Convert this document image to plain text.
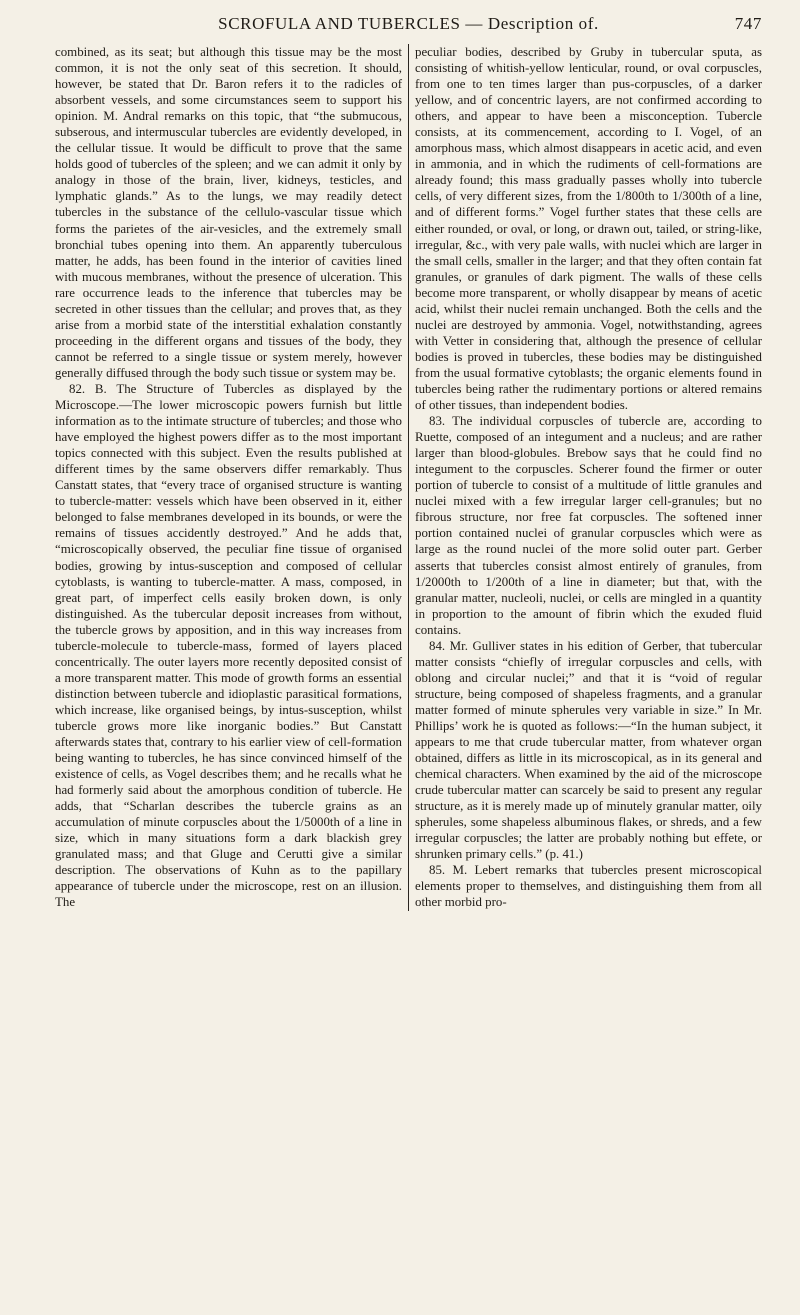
SCROFULA AND TUBERCLES — Description of.	747

combined, as its seat; but although this tissue may be the most common, it is not the only seat of this secretion. It should, however, be stated that Dr. Baron refers it to the radicles of absorbent vessels, and some circumstances seem to support his opinion. M. Andral remarks on this topic, that “the submucous, subserous, and intermuscular tubercles are evidently developed, in the cellular tissue. It would be difficult to prove that the same holds good of tubercles of the spleen; and we can admit it only by analogy in those of the brain, liver, kidneys, testicles, and lymphatic glands.” As to the lungs, we may readily detect tubercles in the substance of the cellulo-vascular tissue which forms the parietes of the air-vesicles, and the extremely small bronchial tubes opening into them. An apparently tuberculous matter, he adds, has been found in the interior of cavities lined with mucous membranes, without the presence of ulceration. This rare occurrence leads to the inference that tubercles may be secreted in other tissues than the cellular; and proves that, as they arise from a morbid state of the interstitial exhalation constantly proceeding in the different organs and tissues of the body, they cannot be referred to a single tissue or system merely, however generally diffused through the body such tissue or system may be.

82. B. The Structure of Tubercles as displayed by the Microscope.—The lower microscopic powers furnish but little information as to the intimate structure of tubercles; and those who have employed the highest powers differ as to the most important topics connected with this subject. Even the results published at different times by the same observers differ remarkably. Thus Canstatt states, that “every trace of organised structure is wanting to tubercle-matter: vessels which have been observed in it, either belonged to false membranes developed in its bounds, or were the remains of tissues accidently destroyed.” And he adds that, “microscopically observed, the peculiar fine tissue of organised bodies, growing by intus-susception and composed of cellular cytoblasts, is wanting to tubercle-matter. A mass, composed, in great part, of imperfect cells easily broken down, is only distinguished. As the tubercular deposit increases from without, the tubercle grows by apposition, and in this way increases from tubercle-molecule to tubercle-mass, formed of layers placed concentrically. The outer layers more recently deposited consist of a more transparent matter. This mode of growth forms an essential distinction between tubercle and idioplastic parasitical formations, which increase, like organised beings, by intus-susception, whilst tubercle grows more like inorganic bodies.” But Canstatt afterwards states that, contrary to his earlier view of cell-formation being wanting to tubercles, he has since convinced himself of the existence of cells, as Vogel describes them; and he recalls what he had formerly said about the amorphous condition of tubercle. He adds, that “Scharlan describes the tubercle grains as an accumulation of minute corpuscles about the 1/5000th of a line in size, which in many situations form a dark blackish grey granulated mass; and that Gluge and Cerutti give a similar description. The observations of Kuhn as to the papillary appearance of tubercle under the microscope, rest on an illusion. The

peculiar bodies, described by Gruby in tubercular sputa, as consisting of whitish-yellow lenticular, round, or oval corpuscles, from one to ten times larger than pus-corpuscles, of a darker yellow, and of concentric layers, are not confirmed according to others, and appear to have been a misconception. Tubercle consists, at its commencement, according to I. Vogel, of an amorphous mass, which almost disappears in acetic acid, and even in ammonia, and in which the rudiments of cell-formations are already found; this mass gradually passes wholly into tubercle cells, of very different sizes, from the 1/800th to 1/300th of a line, and of different forms.” Vogel further states that these cells are either rounded, or oval, or long, or drawn out, tailed, or string-like, irregular, &c., with very pale walls, with nuclei which are larger in the small cells, smaller in the larger; and that they often contain fat granules, or granules of dark pigment. The walls of these cells become more transparent, or wholly disappear by means of acetic acid, whilst their nuclei remain unchanged. Both the cells and the nuclei are destroyed by ammonia. Vogel, notwithstanding, agrees with Vetter in considering that, although the presence of cellular bodies is proved in tubercles, these bodies may be distinguished from the usual formative cytoblasts; the organic elements found in tubercles being rather the rudimentary portions or altered remains of other tissues, than independent bodies.

83. The individual corpuscles of tubercle are, according to Ruette, composed of an integument and a nucleus; and are rather larger than blood-globules. Brebow says that he could find no integument to the corpuscles. Scherer found the firmer or outer portion of tubercle to consist of a multitude of little granules and nuclei mixed with a few irregular larger cell-granules; but no fibrous structure, nor free fat corpuscles. The softened inner portion contained nuclei of granular corpuscles which were as large as the round nuclei of the more solid outer part. Gerber asserts that tubercles consist almost entirely of granules, from 1/2000th to 1/200th of a line in diameter; but that, with the granular matter, nucleoli, nuclei, or cells are mingled in a quantity in proportion to the amount of fibrin which the exuded fluid contains.

84. Mr. Gulliver states in his edition of Gerber, that tubercular matter consists “chiefly of irregular corpuscles and cells, with oblong and circular nuclei;” and that it is “void of regular structure, being composed of shapeless fragments, and a granular matter formed of minute spherules very variable in size.” In Mr. Phillips’ work he is quoted as follows:—“In the human subject, it appears to me that crude tubercular matter, from whatever organ obtained, differs as little in its microscopical, as in its general and chemical characters. When examined by the aid of the microscope crude tubercular matter can scarcely be said to present any regular structure, as it is merely made up of minutely granular matter, oily spherules, some shapeless albuminous flakes, or shreds, and a few irregular corpuscles; the latter are probably nothing but effete, or shrunken primary cells.” (p. 41.)

85. M. Lebert remarks that tubercles present microscopical elements proper to themselves, and distinguishing them from all other morbid pro-
